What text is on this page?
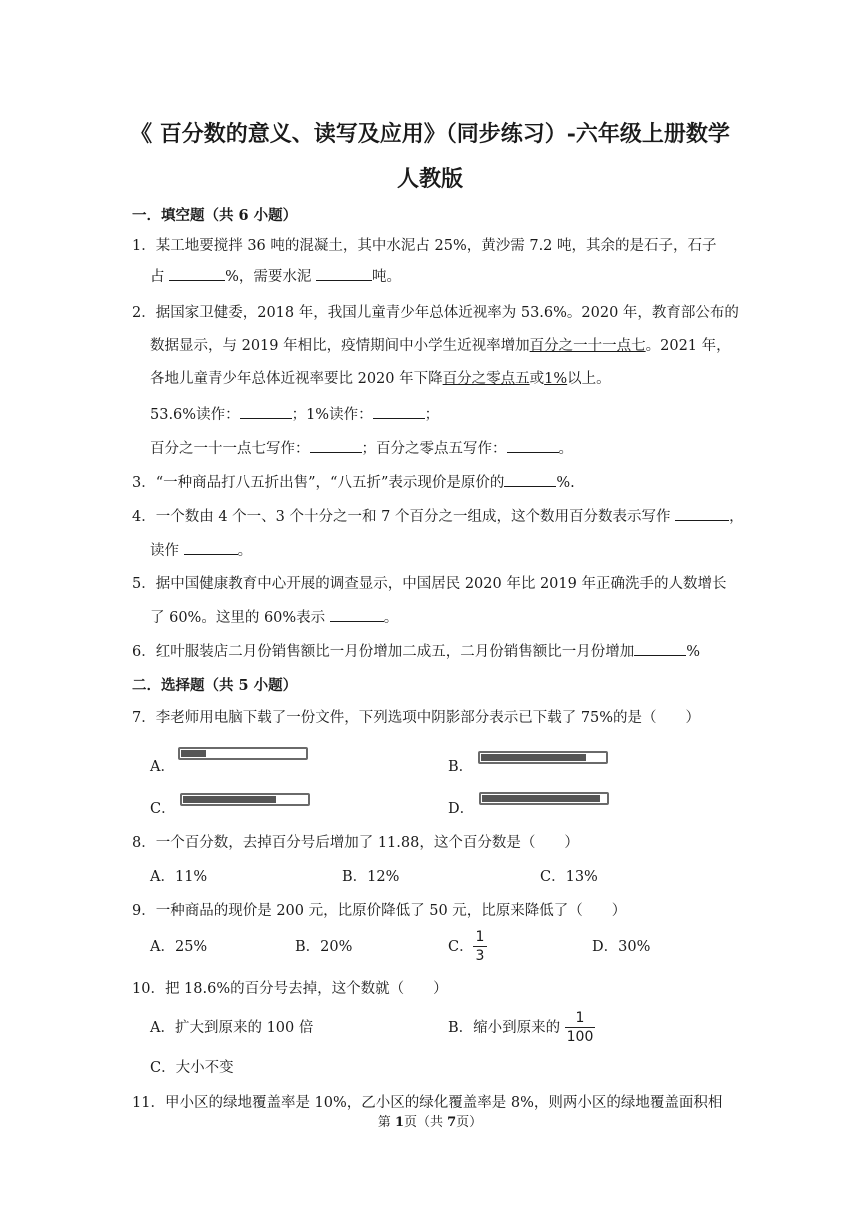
《 百分数的意义、读写及应用》（同步练习）-六年级上册数学
人教版
一．填空题（共 6 小题）
1．某工地要搅拌 36 吨的混凝土，其中水泥占 25%，黄沙需 7.2 吨，其余的是石子，石子
占	%，需要水泥	吨。
2．据国家卫健委，2018 年，我国儿童青少年总体近视率为 53.6%。2020 年，教育部公布的
数据显示，与 2019 年相比，疫情期间中小学生近视率增加百分之一十一点七。2021 年，
各地儿童青少年总体近视率要比 2020 年下降百分之零点五或1%以上。
53.6%读作：	；1%读作：	；
百分之一十一点七写作：	；百分之零点五写作：	。
3．“一种商品打八五折出售”，“八五折”表示现价是原价的	%.
4．一个数由 4 个一、3 个十分之一和 7 个百分之一组成，这个数用百分数表示写作	，
读作	。
5．据中国健康教育中心开展的调查显示，中国居民 2020 年比 2019 年正确洗手的人数增长
了 60%。这里的 60%表示	。
6．红叶服装店二月份销售额比一月份增加二成五，二月份销售额比一月份增加	%
二．选择题（共 5 小题）
7．李老师用电脑下载了一份文件，下列选项中阴影部分表示已下载了 75%的是（　　）
A．	B．
C．	D．
8．一个百分数，去掉百分号后增加了 11.88，这个百分数是（　　）
A．11%	B．12%	C．13%
9．一种商品的现价是 200 元，比原价降低了 50 元，比原来降低了（　　）
A．25%	B．20%	C．
1
3
D．30%
10．把 18.6%的百分号去掉，这个数就（　　）
A．扩大到原来的 100 倍	B．缩小到原来的
1
100
C．大小不变
11．甲小区的绿地覆盖率是 10%，乙小区的绿化覆盖率是 8%，则两小区的绿地覆盖面积相
第 1页（共 7页）
